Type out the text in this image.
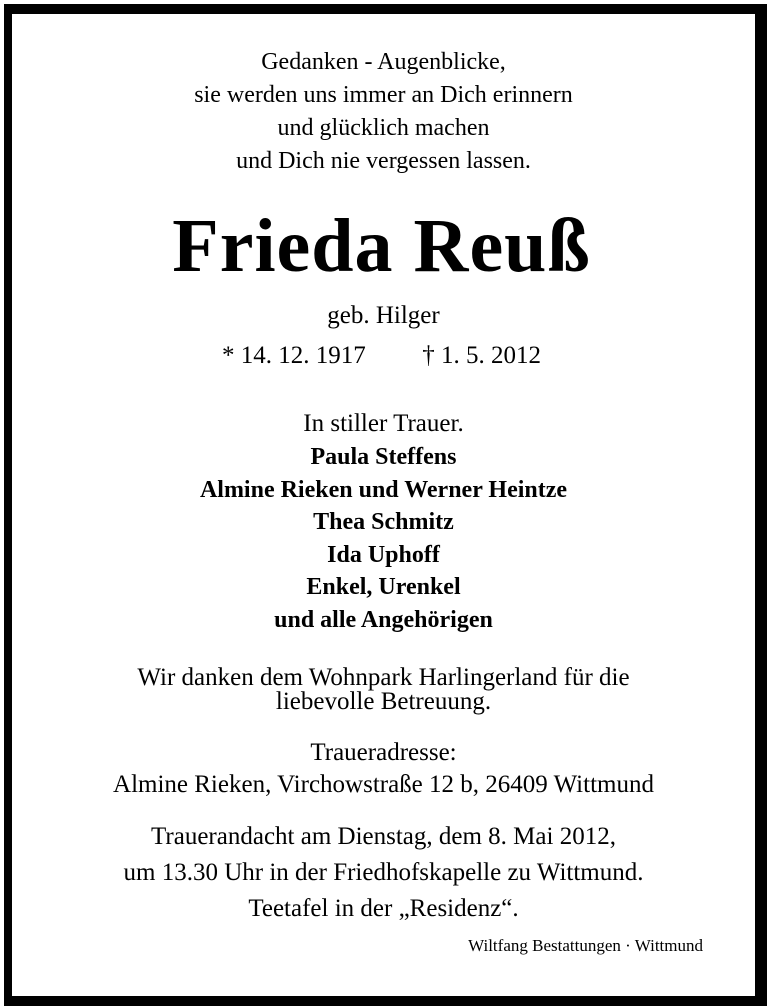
Gedanken - Augenblicke,
sie werden uns immer an Dich erinnern
und glücklich machen
und Dich nie vergessen lassen.
Frieda Reuß
geb. Hilger
* 14. 12. 1917 † 1. 5. 2012
In stiller Trauer.
Paula Steffens
Almine Rieken und Werner Heintze
Thea Schmitz
Ida Uphoff
Enkel, Urenkel
und alle Angehörigen
Wir danken dem Wohnpark Harlingerland für die
liebevolle Betreuung.
Traueradresse:
Almine Rieken, Virchowstraße 12 b, 26409 Wittmund
Trauerandacht am Dienstag, dem 8. Mai 2012,
um 13.30 Uhr in der Friedhofskapelle zu Wittmund.
Teetafel in der „Residenz“.
Wiltfang Bestattungen · Wittmund
